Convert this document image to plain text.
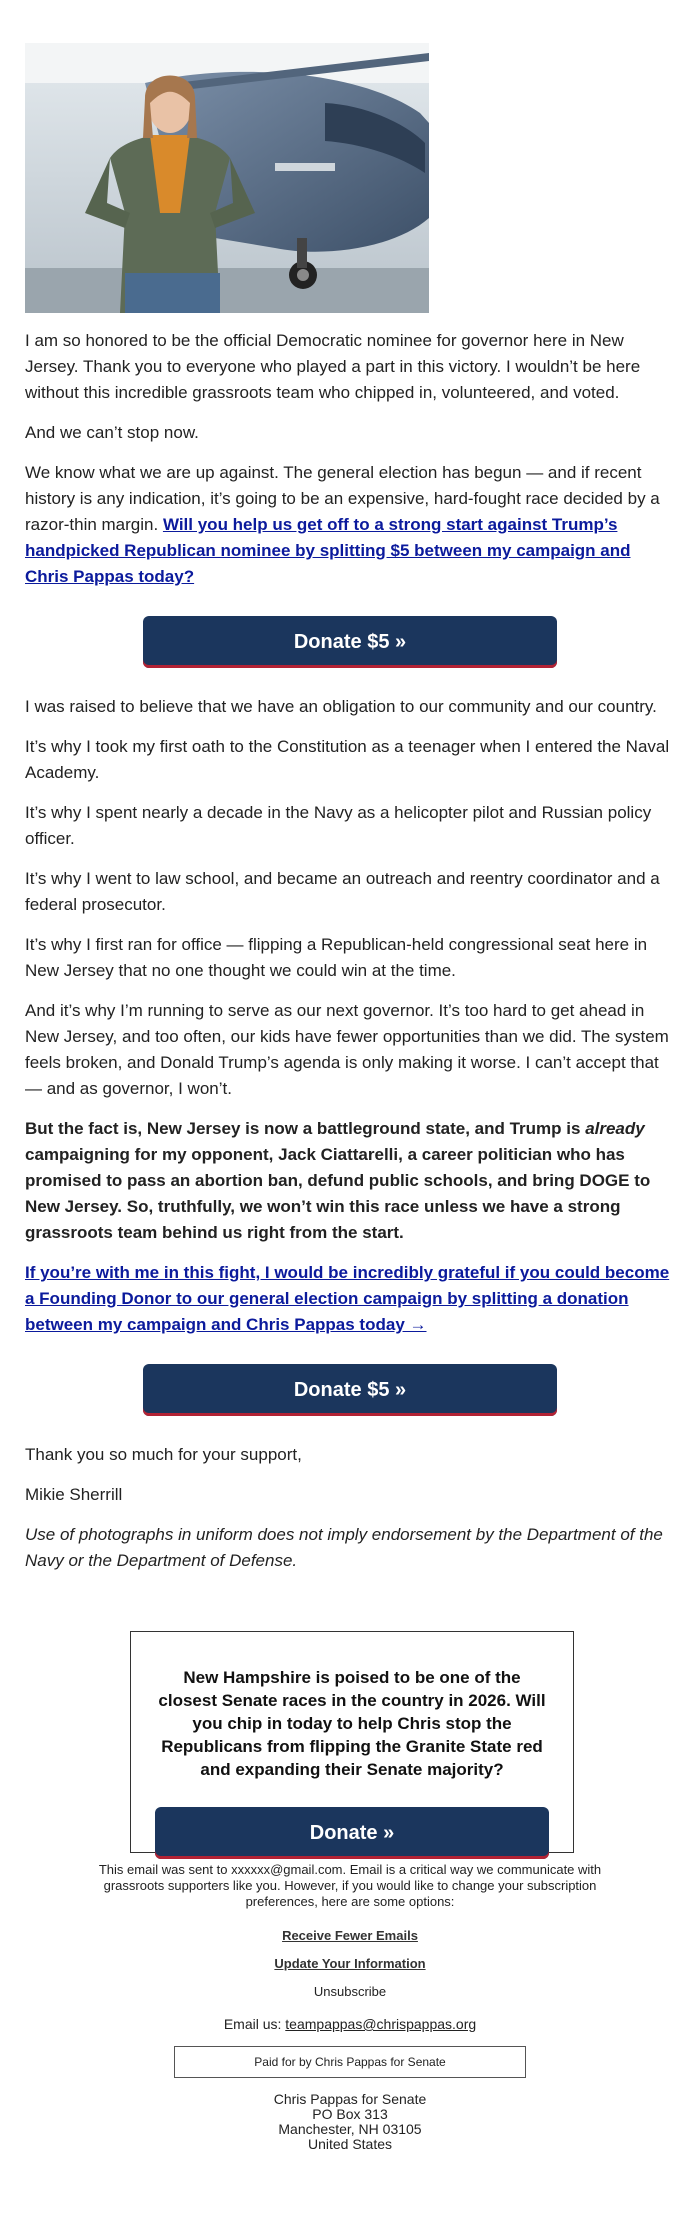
I am so honored to be the official Democratic nominee for governor here in New Jersey. Thank you to everyone who played a part in this victory. I wouldn’t be here without this incredible grassroots team who chipped in, volunteered, and voted.

And we can’t stop now.

We know what we are up against. The general election has begun — and if recent history is any indication, it’s going to be an expensive, hard-fought race decided by a razor-thin margin. Will you help us get off to a strong start against Trump’s handpicked Republican nominee by splitting $5 between my campaign and Chris Pappas today?

Donate $5 »

I was raised to believe that we have an obligation to our community and our country.

It’s why I took my first oath to the Constitution as a teenager when I entered the Naval Academy.

It’s why I spent nearly a decade in the Navy as a helicopter pilot and Russian policy officer.

It’s why I went to law school, and became an outreach and reentry coordinator and a federal prosecutor.

It’s why I first ran for office — flipping a Republican-held congressional seat here in New Jersey that no one thought we could win at the time.

And it’s why I’m running to serve as our next governor. It’s too hard to get ahead in New Jersey, and too often, our kids have fewer opportunities than we did. The system feels broken, and Donald Trump’s agenda is only making it worse. I can’t accept that — and as governor, I won’t.

But the fact is, New Jersey is now a battleground state, and Trump is already campaigning for my opponent, Jack Ciattarelli, a career politician who has promised to pass an abortion ban, defund public schools, and bring DOGE to New Jersey. So, truthfully, we won’t win this race unless we have a strong grassroots team behind us right from the start.

If you’re with me in this fight, I would be incredibly grateful if you could become a Founding Donor to our general election campaign by splitting a donation between my campaign and Chris Pappas today →

Donate $5 »

Thank you so much for your support,

Mikie Sherrill

Use of photographs in uniform does not imply endorsement by the Department of the Navy or the Department of Defense.

New Hampshire is poised to be one of the closest Senate races in the country in 2026. Will you chip in today to help Chris stop the Republicans from flipping the Granite State red and expanding their Senate majority?

Donate »

This email was sent to xxxxxx@gmail.com. Email is a critical way we communicate with grassroots supporters like you. However, if you would like to change your subscription preferences, here are some options:

Receive Fewer Emails
Update Your Information
Unsubscribe
Email us: teampappas@chrispappas.org
Paid for by Chris Pappas for Senate
Chris Pappas for Senate
PO Box 313
Manchester, NH 03105
United States
